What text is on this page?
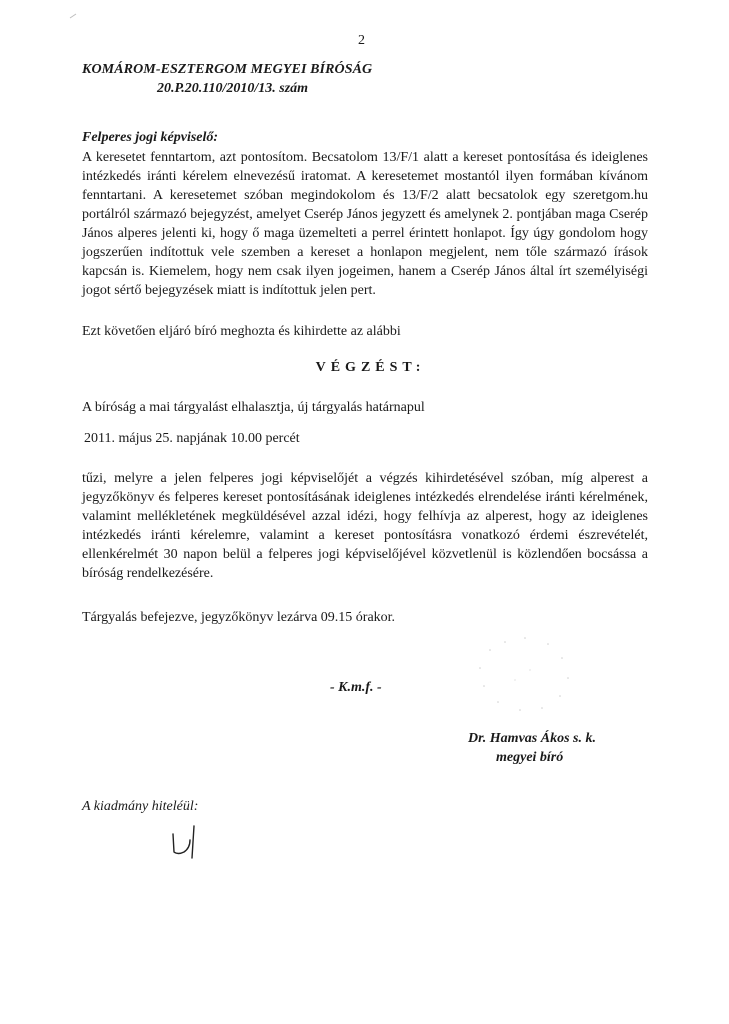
2
KOMÁROM-ESZTERGOM MEGYEI BÍRÓSÁG
20.P.20.110/2010/13. szám
Felperes jogi képviselő:
A keresetet fenntartom, azt pontosítom. Becsatolom 13/F/1 alatt a kereset pontosítása és ideiglenes intézkedés iránti kérelem elnevezésű iratomat. A keresetemet mostantól ilyen formában kívánom fenntartani. A keresetemet szóban megindokolom és 13/F/2 alatt becsatolok egy szeretgom.hu portálról származó bejegyzést, amelyet Cserép János jegyzett és amelynek 2. pontjában maga Cserép János alperes jelenti ki, hogy ő maga üzemelteti a perrel érintett honlapot. Így úgy gondolom hogy jogszerűen indítottuk vele szemben a kereset a honlapon megjelent, nem tőle származó írások kapcsán is. Kiemelem, hogy nem csak ilyen jogeimen, hanem a Cserép János által írt személyiségi jogot sértő bejegyzések miatt is indítottuk jelen pert.
Ezt követően eljáró bíró meghozta és kihirdette az alábbi
VÉGZÉST:
A bíróság a mai tárgyalást elhalasztja, új tárgyalás határnapul
2011. május 25. napjának 10.00 percét
tűzi, melyre a jelen felperes jogi képviselőjét a végzés kihirdetésével szóban, míg alperest a jegyzőkönyv és felperes kereset pontosításának ideiglenes intézkedés elrendelése iránti kérelmének, valamint mellékletének megküldésével azzal idézi, hogy felhívja az alperest, hogy az ideiglenes intézkedés iránti kérelemre, valamint a kereset pontosításra vonatkozó érdemi észrevételét, ellenkérelmét 30 napon belül a felperes jogi képviselőjével közvetlenül is közlendően bocsássa a bíróság rendelkezésére.
Tárgyalás befejezve, jegyzőkönyv lezárva 09.15 órakor.
- K.m.f. -
Dr. Hamvas Ákos s. k.
megyei bíró
A kiadmány hiteléül:
